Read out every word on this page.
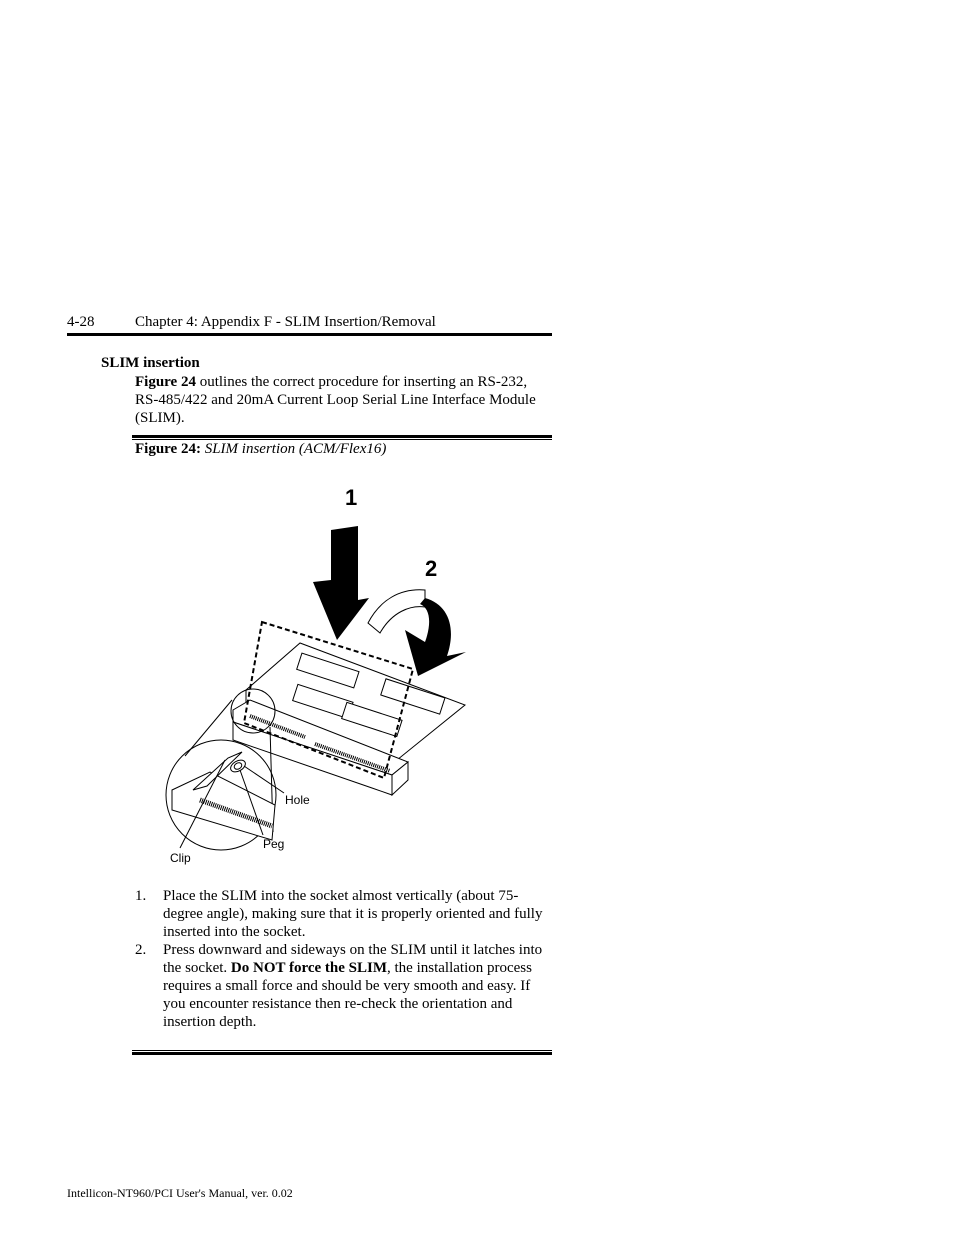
4-28	Chapter 4: Appendix F - SLIM Insertion/Removal
SLIM insertion
Figure 24 outlines the correct procedure for inserting an RS-232, RS-485/422 and 20mA Current Loop Serial Line Interface Module (SLIM).
Figure 24: SLIM insertion (ACM/Flex16)
1
2
Hole
Peg
Clip
1. Place the SLIM into the socket almost vertically (about 75-degree angle), making sure that it is properly oriented and fully inserted into the socket.
2. Press downward and sideways on the SLIM until it latches into the socket. Do NOT force the SLIM, the installation process requires a small force and should be very smooth and easy. If you encounter resistance then re-check the orientation and insertion depth.
Intellicon-NT960/PCI User's Manual, ver. 0.02
